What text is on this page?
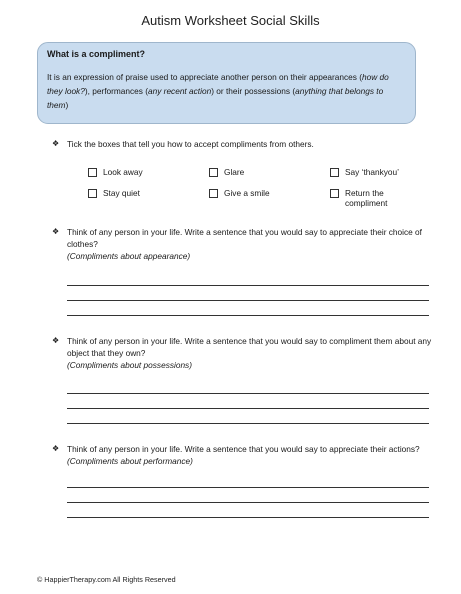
Autism Worksheet Social Skills

What is a compliment?

It is an expression of praise used to appreciate another person on their appearances (how do they look?), performances (any recent action) or their possessions (anything that belongs to them)

❖ Tick the boxes that tell you how to accept compliments from others.
Look away	Glare	Say ‘thankyou’
Stay quiet	Give a smile	Return the compliment
❖ Think of any person in your life. Write a sentence that you would say to appreciate their choice of clothes?
(Compliments about appearance)
❖ Think of any person in your life. Write a sentence that you would say to compliment them about any object that they own?
(Compliments about possessions)
❖ Think of any person in your life. Write a sentence that you would say to appreciate their actions? (Compliments about performance)
© HappierTherapy.com All Rights Reserved
